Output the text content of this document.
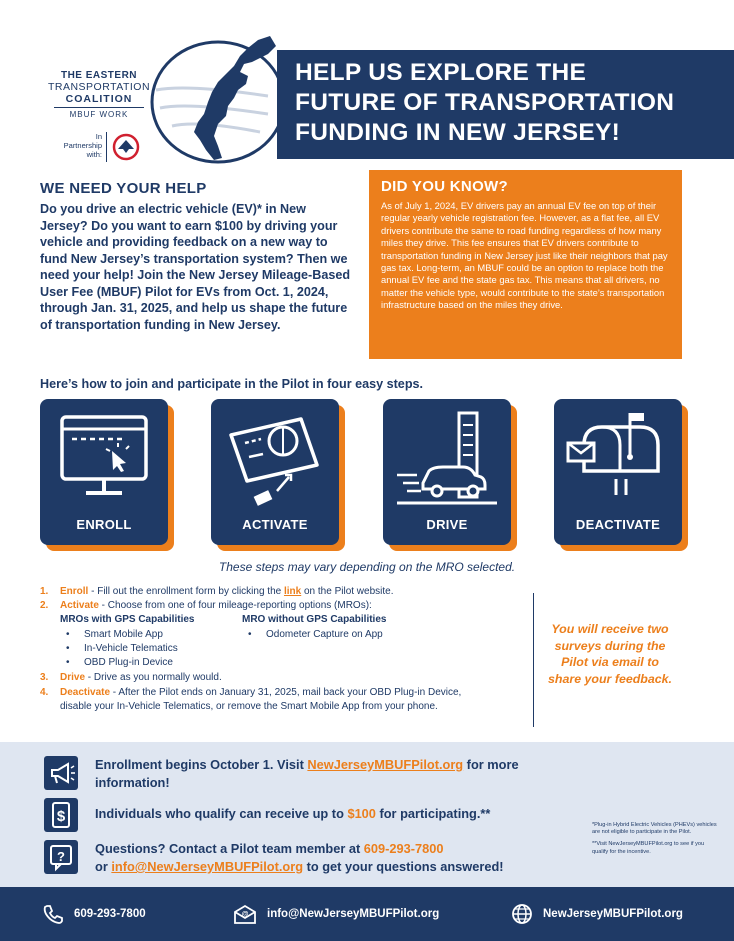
THE EASTERN
TRANSPORTATION
COALITION
MBUF WORK
In Partnership with:
HELP US EXPLORE THE
FUTURE OF TRANSPORTATION
FUNDING IN NEW JERSEY!
WE NEED YOUR HELP

Do you drive an electric vehicle (EV)* in New Jersey? Do you want to earn $100 by driving your vehicle and providing feedback on a new way to fund New Jersey’s transportation system? Then we need your help! Join the New Jersey Mileage-Based User Fee (MBUF) Pilot for EVs from Oct. 1, 2024, through Jan. 31, 2025, and help us shape the future of transportation funding in New Jersey.

DID YOU KNOW?

As of July 1, 2024, EV drivers pay an annual EV fee on top of their regular yearly vehicle registration fee. However, as a flat fee, all EV drivers contribute the same to road funding regardless of how many miles they drive. This fee ensures that EV drivers contribute to transportation funding in New Jersey just like their neighbors that pay gas tax. Long-term, an MBUF could be an option to replace both the annual EV fee and the state gas tax. This means that all drivers, no matter the vehicle type, would contribute to the state’s transportation infrastructure based on the miles they drive.

Here’s how to join and participate in the Pilot in four easy steps.
ENROLL	ACTIVATE	DRIVE	DEACTIVATE
These steps may vary depending on the MRO selected.
1. Enroll - Fill out the enrollment form by clicking the link on the Pilot website.
2. Activate - Choose from one of four mileage-reporting options (MROs):
MROs with GPS Capabilities
• Smart Mobile App
• In-Vehicle Telematics
• OBD Plug-in Device
MRO without GPS Capabilities
• Odometer Capture on App
3. Drive - Drive as you normally would.
4. Deactivate - After the Pilot ends on January 31, 2025, mail back your OBD Plug-in Device,
disable your In-Vehicle Telematics, or remove the Smart Mobile App from your phone.
You will receive two surveys during the Pilot via email to share your feedback.
Enrollment begins October 1. Visit NewJerseyMBUFPilot.org for more
information!
$ Individuals who qualify can receive up to $100 for participating.**
?
Questions? Contact a Pilot team member at 609-293-7800
or info@NewJerseyMBUFPilot.org to get your questions answered!

*Plug-in Hybrid Electric Vehicles (PHEVs) vehicles are not eligible to participate in the Pilot.

**Visit NewJerseyMBUFPilot.org to see if you qualify for the incentive.

609-293-7800	@ info@NewJerseyMBUFPilot.org	NewJerseyMBUFPilot.org
